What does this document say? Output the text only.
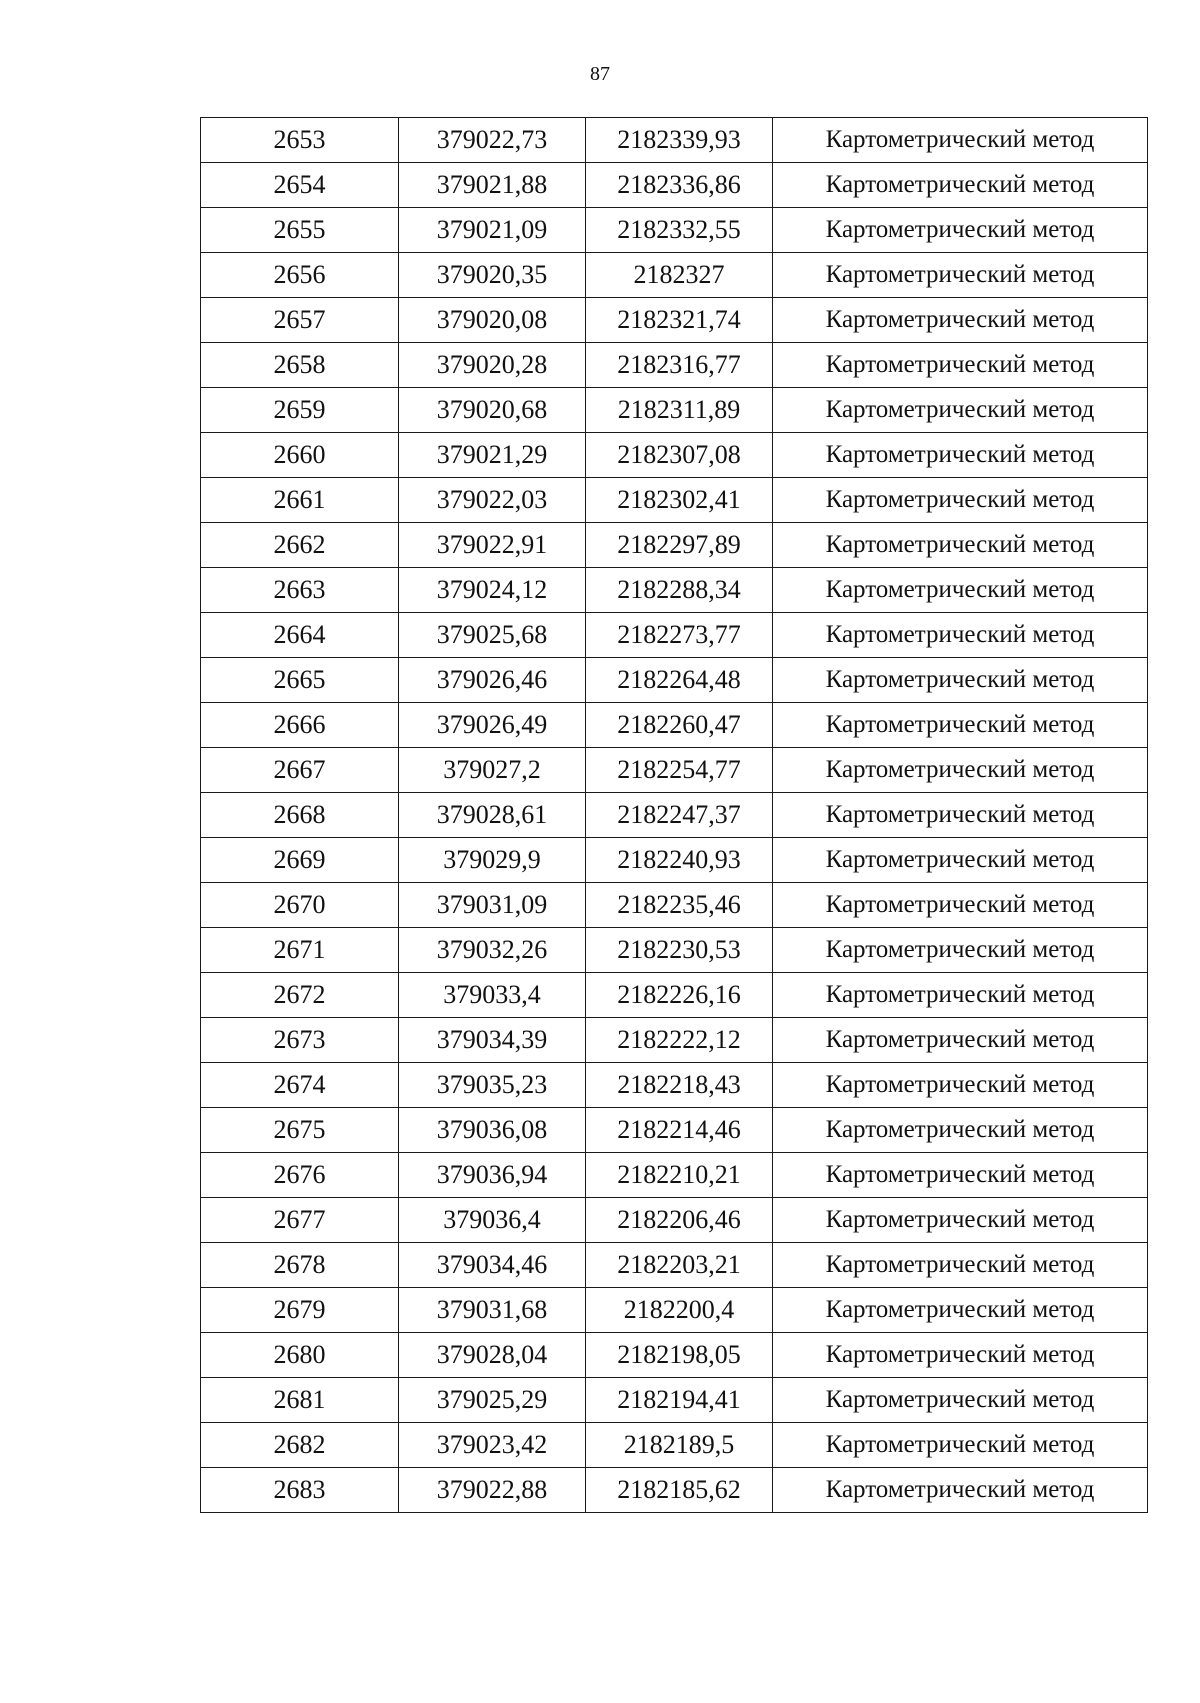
87
2653	379022,73	2182339,93	Картометрический метод
2654	379021,88	2182336,86	Картометрический метод
2655	379021,09	2182332,55	Картометрический метод
2656	379020,35	2182327	Картометрический метод
2657	379020,08	2182321,74	Картометрический метод
2658	379020,28	2182316,77	Картометрический метод
2659	379020,68	2182311,89	Картометрический метод
2660	379021,29	2182307,08	Картометрический метод
2661	379022,03	2182302,41	Картометрический метод
2662	379022,91	2182297,89	Картометрический метод
2663	379024,12	2182288,34	Картометрический метод
2664	379025,68	2182273,77	Картометрический метод
2665	379026,46	2182264,48	Картометрический метод
2666	379026,49	2182260,47	Картометрический метод
2667	379027,2	2182254,77	Картометрический метод
2668	379028,61	2182247,37	Картометрический метод
2669	379029,9	2182240,93	Картометрический метод
2670	379031,09	2182235,46	Картометрический метод
2671	379032,26	2182230,53	Картометрический метод
2672	379033,4	2182226,16	Картометрический метод
2673	379034,39	2182222,12	Картометрический метод
2674	379035,23	2182218,43	Картометрический метод
2675	379036,08	2182214,46	Картометрический метод
2676	379036,94	2182210,21	Картометрический метод
2677	379036,4	2182206,46	Картометрический метод
2678	379034,46	2182203,21	Картометрический метод
2679	379031,68	2182200,4	Картометрический метод
2680	379028,04	2182198,05	Картометрический метод
2681	379025,29	2182194,41	Картометрический метод
2682	379023,42	2182189,5	Картометрический метод
2683	379022,88	2182185,62	Картометрический метод
